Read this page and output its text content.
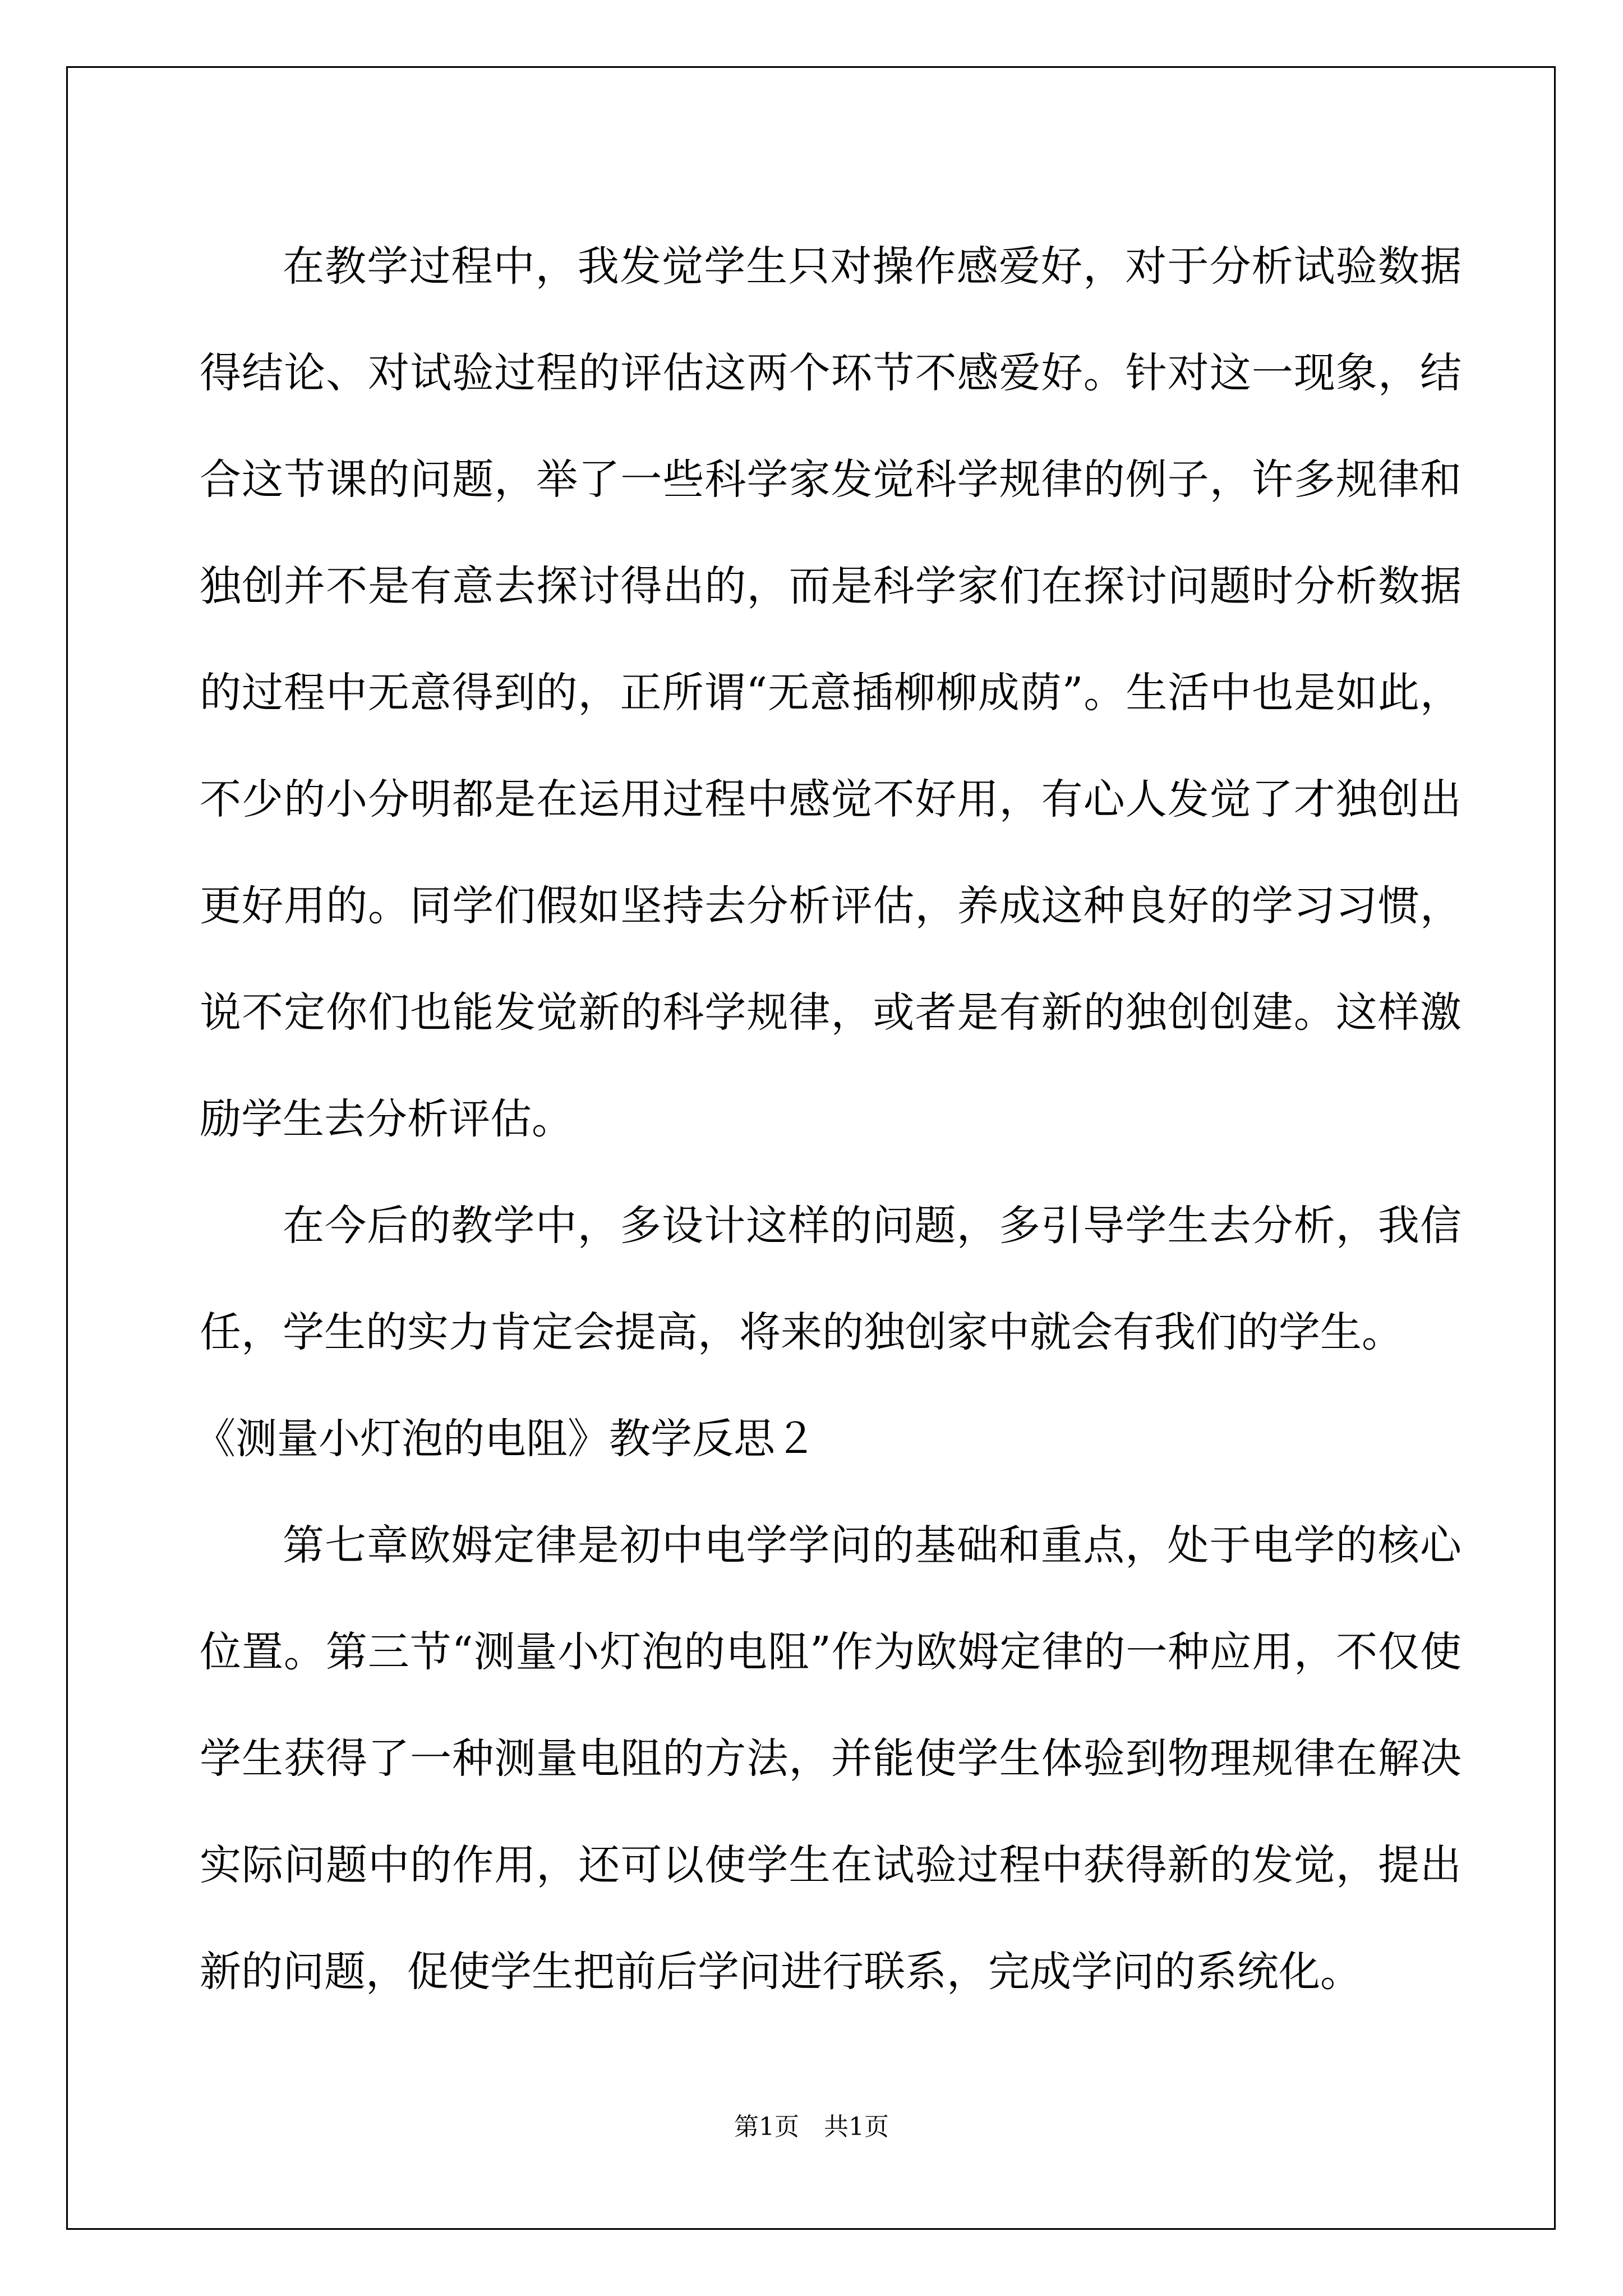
在教学过程中，我发觉学生只对操作感爱好，对于分析试验数据得结论、对试验过程的评估这两个环节不感爱好。针对这一现象，结合这节课的问题，举了一些科学家发觉科学规律的例子，许多规律和独创并不是有意去探讨得出的，而是科学家们在探讨问题时分析数据的过程中无意得到的，正所谓“无意插柳柳成荫”。生活中也是如此，不少的小分明都是在运用过程中感觉不好用，有心人发觉了才独创出更好用的。同学们假如坚持去分析评估，养成这种良好的学习习惯，说不定你们也能发觉新的科学规律，或者是有新的独创创建。这样激励学生去分析评估。

在今后的教学中，多设计这样的问题，多引导学生去分析，我信任，学生的实力肯定会提高，将来的独创家中就会有我们的学生。

《测量小灯泡的电阻》教学反思２

第七章欧姆定律是初中电学学问的基础和重点，处于电学的核心位置。第三节“测量小灯泡的电阻”作为欧姆定律的一种应用，不仅使学生获得了一种测量电阻的方法，并能使学生体验到物理规律在解决实际问题中的作用，还可以使学生在试验过程中获得新的发觉，提出新的问题，促使学生把前后学问进行联系，完成学问的系统化。

第1页　共1页
